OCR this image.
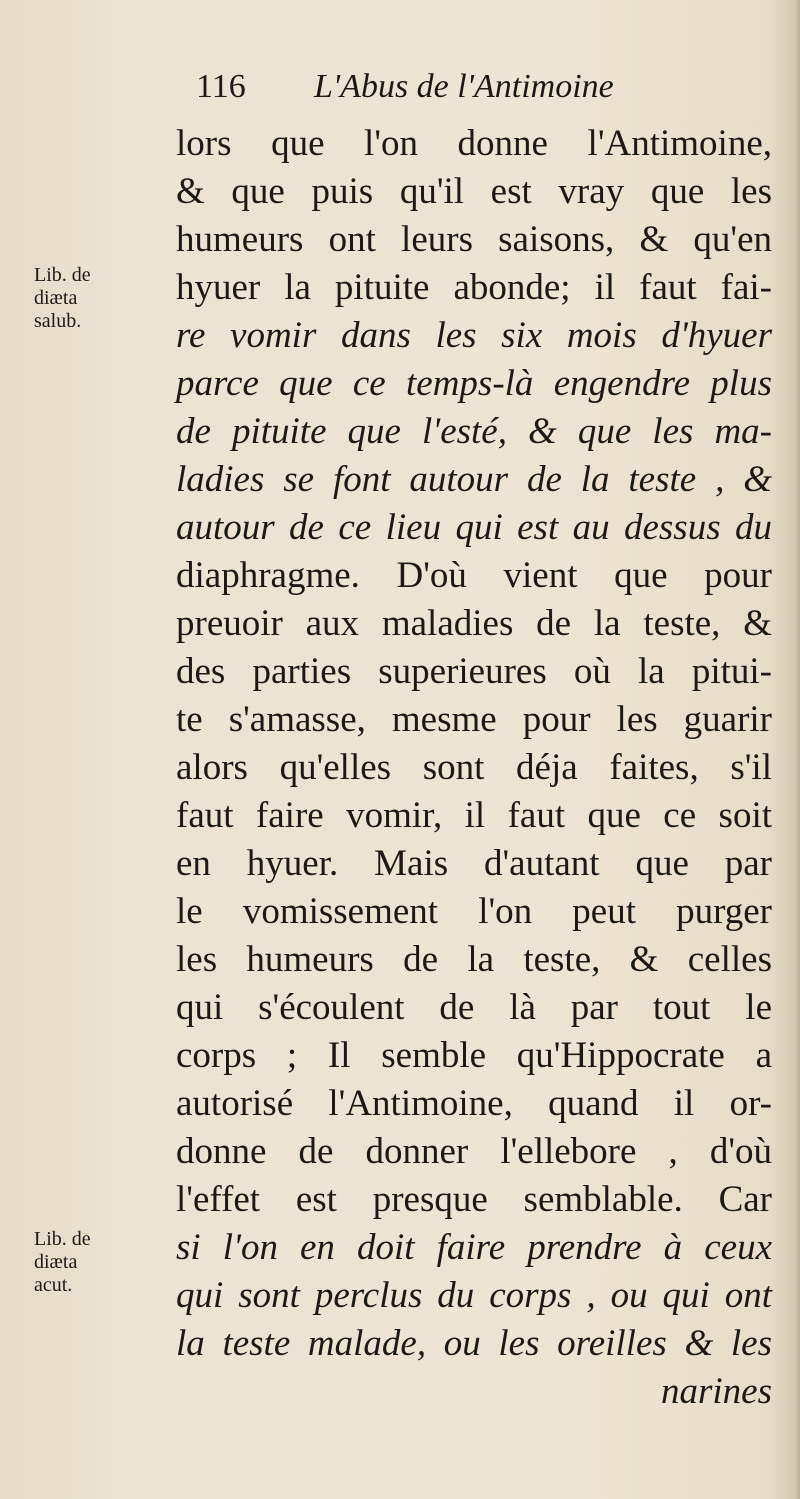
116 L'Abus de l'Antimoine
lors que l'on donne l'Antimoine,
& que puis qu'il est vray que les
humeurs ont leurs saisons, & qu'en
hyuer la pituite abonde; il faut fai-
re vomir dans les six mois d'hyuer
parce que ce temps-là engendre plus
de pituite que l'esté, & que les ma-
ladies se font autour de la teste , &
autour de ce lieu qui est au dessus du
diaphragme. D'où vient que pour
preuoir aux maladies de la teste, &
des parties superieures où la pitui-
te s'amasse, mesme pour les guarir
alors qu'elles sont déja faites, s'il
faut faire vomir, il faut que ce soit
en hyuer. Mais d'autant que par
le vomissement l'on peut purger
les humeurs de la teste, & celles
qui s'écoulent de là par tout le
corps ; Il semble qu'Hippocrate a
autorisé l'Antimoine, quand il or-
donne de donner l'ellebore , d'où
l'effet est presque semblable. Car
si l'on en doit faire prendre à ceux
qui sont perclus du corps , ou qui ont
la teste malade, ou les oreilles & les
narines
Lib. de
diæta
salub.
Lib. de
diæta
acut.
